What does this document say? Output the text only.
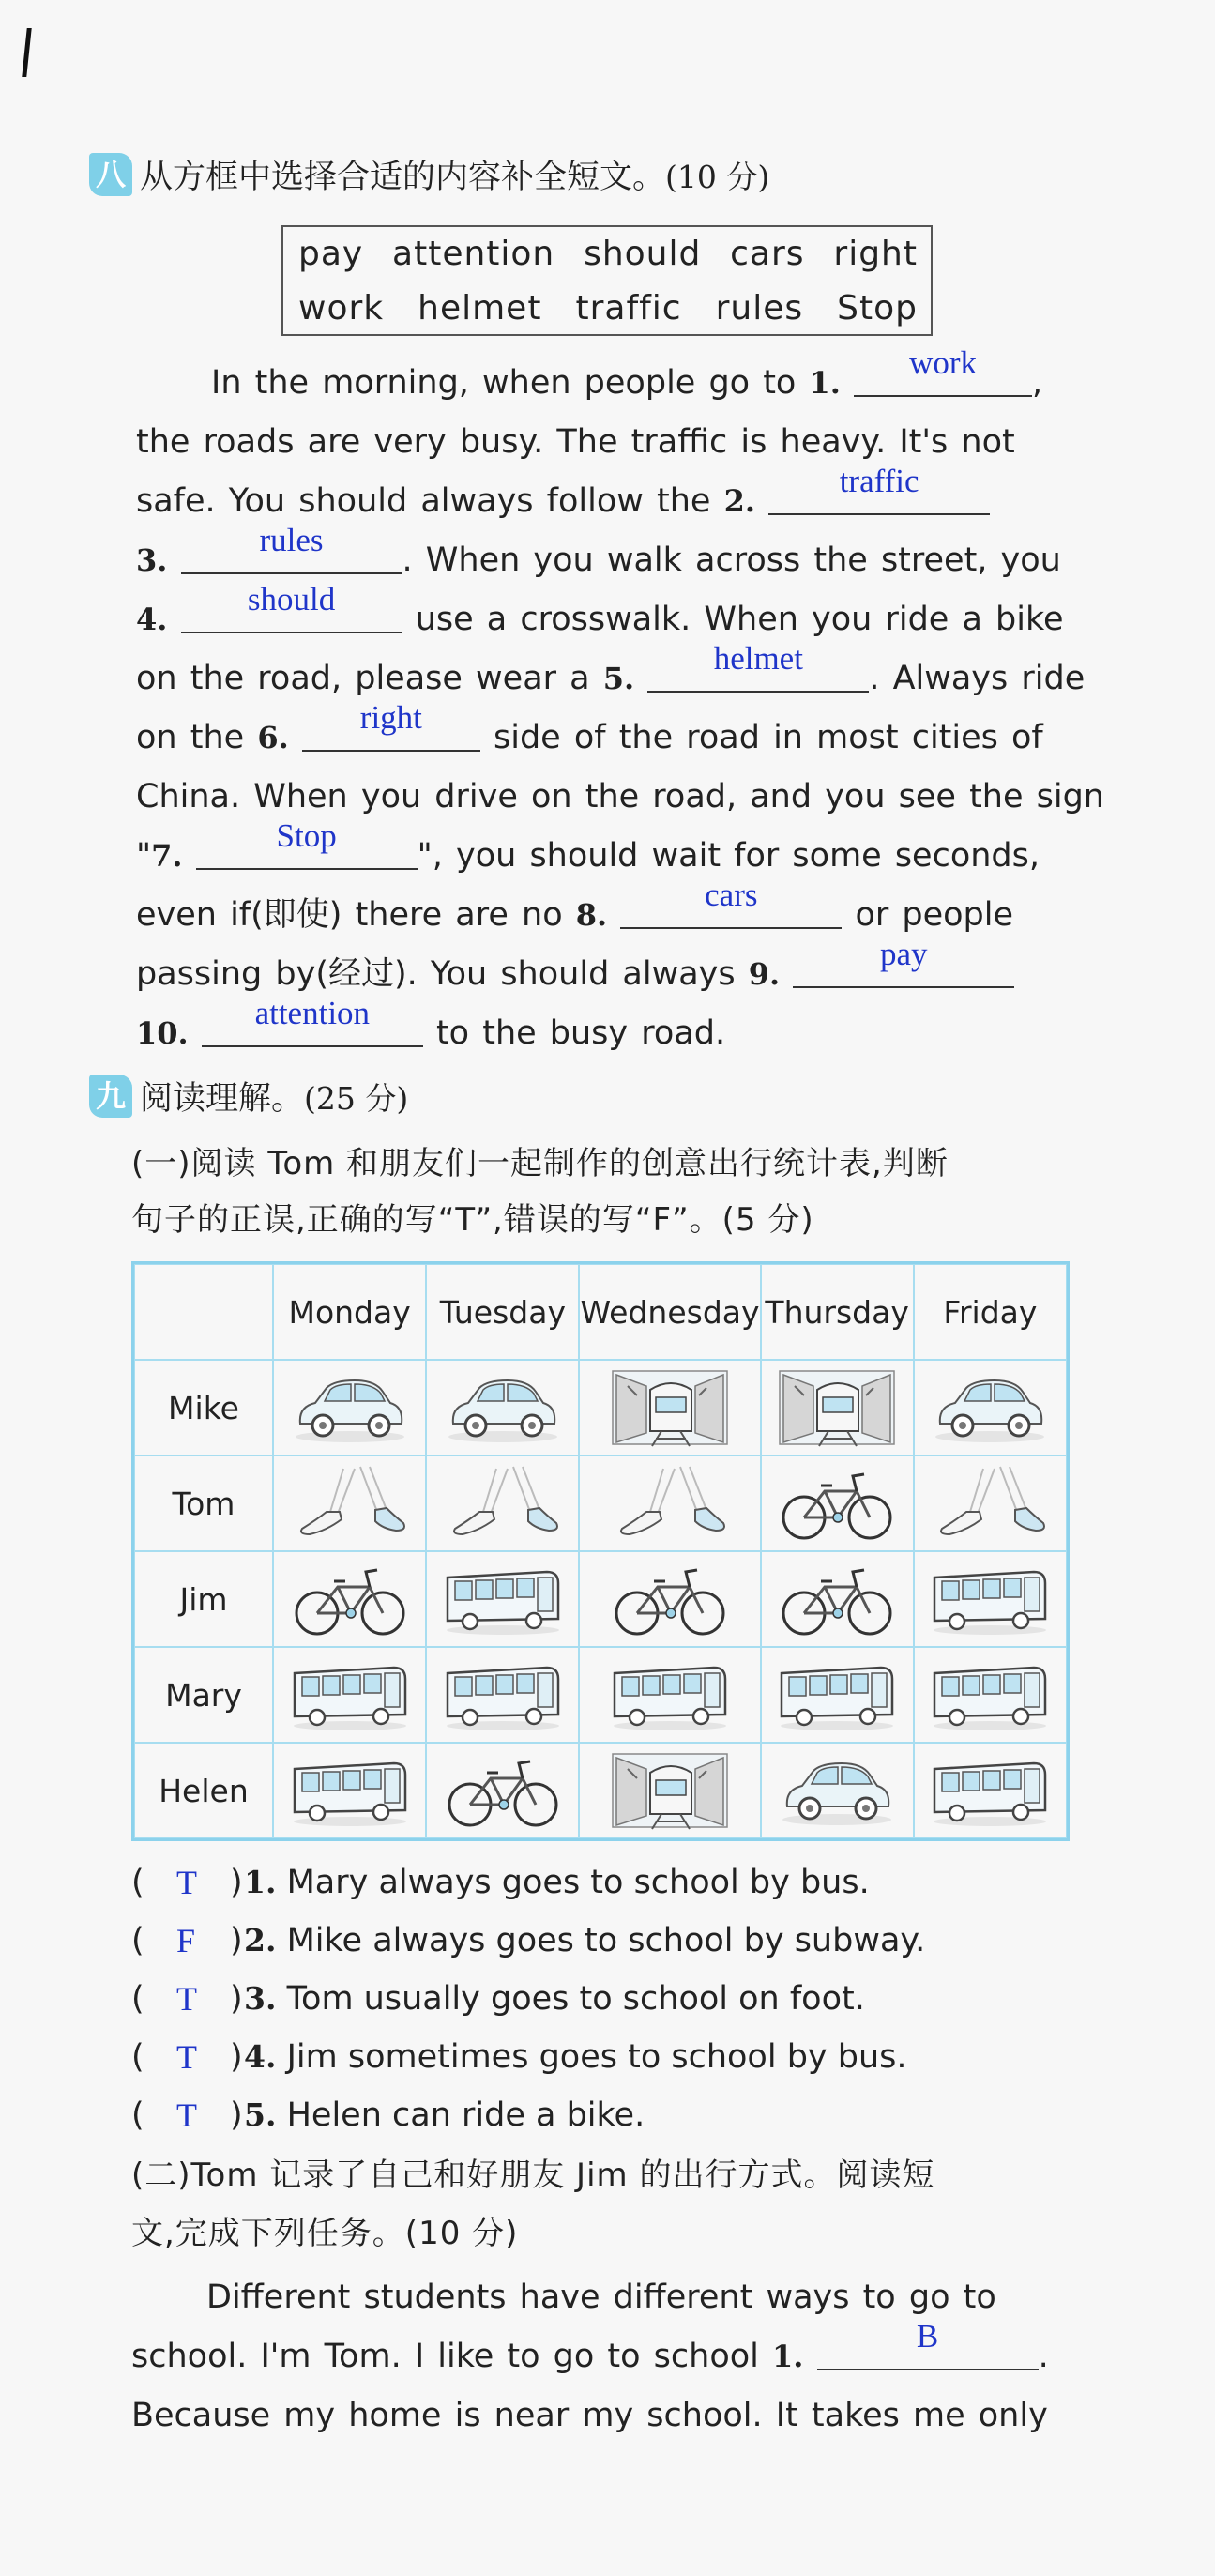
八 从方框中选择合适的内容补全短文。 (10 分)
pay attention should cars right
work helmet traffic rules Stop
In the morning, when people go to 1.
work
,
the roads are very busy. The traffic is heavy. It's not
safe. You should always follow the 2.
traffic
3.
rules
. When you walk across the street, you
4.
should
use a crosswalk. When you ride a bike
on the road, please wear a 5.
helmet
. Always ride
on the 6.
right
side of the road in most cities of
China. When you drive on the road, and you see the sign
"7.
Stop
", you should wait for some seconds,
even if(即使) there are no 8.
cars
or people
passing by(经过). You should always 9.
pay
10.
attention
to the busy road.
九 阅读理解。 (25 分)
(一)阅读 Tom 和朋友们一起制作的创意出行统计表,判断
句子的正误,正确的写“T”,错误的写“F”。(5 分)
Monday Tuesday Wednesday Thursday	Friday
Mike
Tom
Jim
Mary
Helen
( T ) 1. Mary always goes to school by bus.
( F ) 2. Mike always goes to school by subway.
( T ) 3. Tom usually goes to school on foot.
( T ) 4. Jim sometimes goes to school by bus.
( T ) 5. Helen can ride a bike.
(二)Tom 记录了自己和好朋友 Jim 的出行方式。阅读短
文,完成下列任务。(10 分)
Different students have different ways to go to
school. I'm Tom. I like to go to school 1.
B
.
Because my home is near my school. It takes me only
